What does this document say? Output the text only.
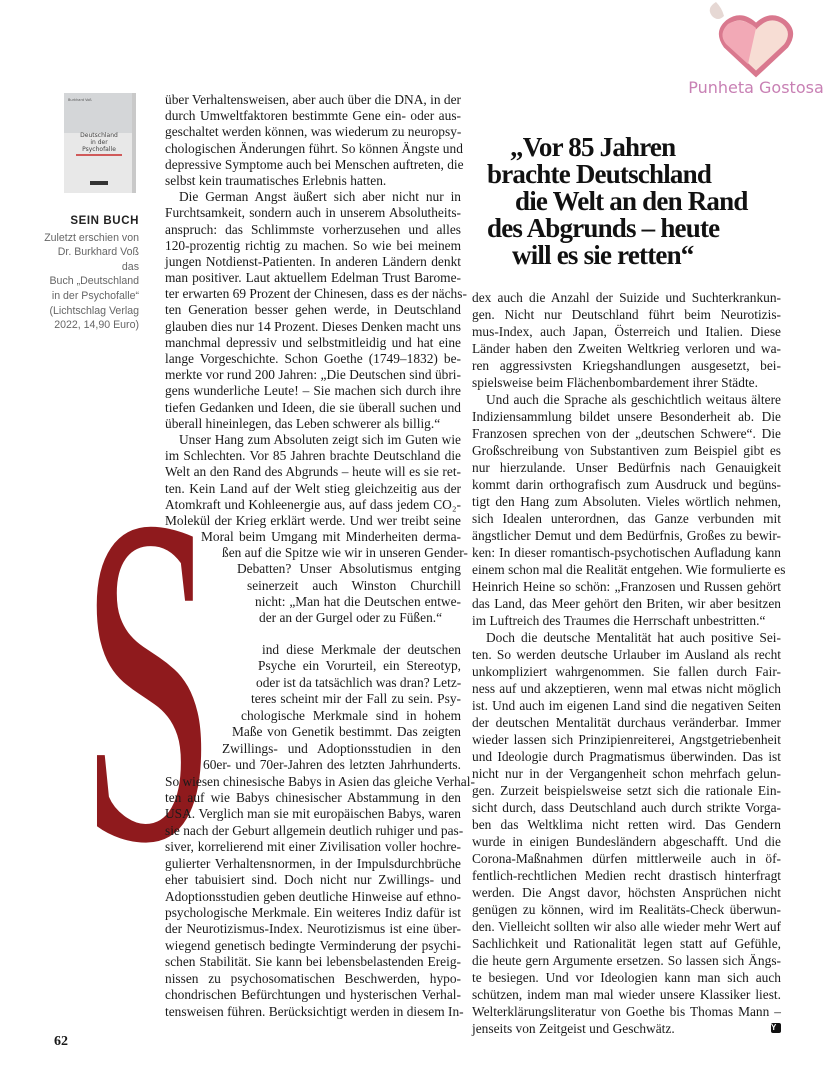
Punheta Gostosa
Burkhard Voß
Deutschland
in der
Psychofalle
SEIN BUCH
Zuletzt erschien von
Dr. Burkhard Voß das
Buch „Deutschland
in der Psychofalle“
(Lichtschlag Verlag
2022, 14,90 Euro)
„Vor 85 Jahren
brachte Deutschland
die Welt an den Rand
des Abgrunds – heute
will es sie retten“
S
über Verhaltensweisen, aber auch über die DNA, in der
durch Umweltfaktoren bestimmte Gene ein- oder aus-
geschaltet werden können, was wiederum zu neuropsy-
chologischen Änderungen führt. So können Ängste und
depressive Symptome auch bei Menschen auftreten, die
selbst kein traumatisches Erlebnis hatten.
Die German Angst äußert sich aber nicht nur in
Furchtsamkeit, sondern auch in unserem Absolutheits-
anspruch: das Schlimmste vorherzusehen und alles
120-prozentig richtig zu machen. So wie bei meinem
jungen Notdienst-Patienten. In anderen Ländern denkt
man positiver. Laut aktuellem Edelman Trust Barome-
ter erwarten 69 Prozent der Chinesen, dass es der nächs-
ten Generation besser gehen werde, in Deutschland
glauben dies nur 14 Prozent. Dieses Denken macht uns
manchmal depressiv und selbstmitleidig und hat eine
lange Vorgeschichte. Schon Goethe (1749–1832) be-
merkte vor rund 200 Jahren: „Die Deutschen sind übri-
gens wunderliche Leute! – Sie machen sich durch ihre
tiefen Gedanken und Ideen, die sie überall suchen und
überall hineinlegen, das Leben schwerer als billig.“
Unser Hang zum Absoluten zeigt sich im Guten wie
im Schlechten. Vor 85 Jahren brachte Deutschland die
Welt an den Rand des Abgrunds – heute will es sie ret-
ten. Kein Land auf der Welt stieg gleichzeitig aus der
Atomkraft und Kohleenergie aus, auf dass jedem CO₂-
Molekül der Krieg erklärt werde. Und wer treibt seine
Moral beim Umgang mit Minderheiten derma-
ßen auf die Spitze wie wir in unseren Gender-
Debatten? Unser Absolutismus entging
seinerzeit auch Winston Churchill
nicht: „Man hat die Deutschen entwe-
der an der Gurgel oder zu Füßen.“
ind diese Merkmale der deutschen
Psyche ein Vorurteil, ein Stereotyp,
oder ist da tatsächlich was dran? Letz-
teres scheint mir der Fall zu sein. Psy-
chologische Merkmale sind in hohem
Maße von Genetik bestimmt. Das zeigten
Zwillings- und Adoptionsstudien in den
60er- und 70er-Jahren des letzten Jahrhunderts.
So wiesen chinesische Babys in Asien das gleiche Verhal-
ten auf wie Babys chinesischer Abstammung in den
USA. Verglich man sie mit europäischen Babys, waren
sie nach der Geburt allgemein deutlich ruhiger und pas-
siver, korrelierend mit einer Zivilisation voller hochre-
gulierter Verhaltensnormen, in der Impulsdurchbrüche
eher tabuisiert sind. Doch nicht nur Zwillings- und
Adoptionsstudien geben deutliche Hinweise auf ethno-
psychologische Merkmale. Ein weiteres Indiz dafür ist
der Neurotizismus-Index. Neurotizismus ist eine über-
wiegend genetisch bedingte Verminderung der psychi-
schen Stabilität. Sie kann bei lebensbelastenden Ereig-
nissen zu psychosomatischen Beschwerden, hypo-
chondrischen Befürchtungen und hysterischen Verhal-
tensweisen führen. Berücksichtigt werden in diesem In-
dex auch die Anzahl der Suizide und Suchterkrankun-
gen. Nicht nur Deutschland führt beim Neurotizis-
mus-Index, auch Japan, Österreich und Italien. Diese
Länder haben den Zweiten Weltkrieg verloren und wa-
ren aggressivsten Kriegshandlungen ausgesetzt, bei-
spielsweise beim Flächenbombardement ihrer Städte.
Und auch die Sprache als geschichtlich weitaus ältere
Indiziensammlung bildet unsere Besonderheit ab. Die
Franzosen sprechen von der „deutschen Schwere“. Die
Großschreibung von Substantiven zum Beispiel gibt es
nur hierzulande. Unser Bedürfnis nach Genauigkeit
kommt darin orthografisch zum Ausdruck und begüns-
tigt den Hang zum Absoluten. Vieles wörtlich nehmen,
sich Idealen unterordnen, das Ganze verbunden mit
ängstlicher Demut und dem Bedürfnis, Großes zu bewir-
ken: In dieser romantisch-psychotischen Aufladung kann
einem schon mal die Realität entgehen. Wie formulierte es
Heinrich Heine so schön: „Franzosen und Russen gehört
das Land, das Meer gehört den Briten, wir aber besitzen
im Luftreich des Traumes die Herrschaft unbestritten.“
Doch die deutsche Mentalität hat auch positive Sei-
ten. So werden deutsche Urlauber im Ausland als recht
unkompliziert wahrgenommen. Sie fallen durch Fair-
ness auf und akzeptieren, wenn mal etwas nicht möglich
ist. Und auch im eigenen Land sind die negativen Seiten
der deutschen Mentalität durchaus veränderbar. Immer
wieder lassen sich Prinzipienreiterei, Angstgetriebenheit
und Ideologie durch Pragmatismus überwinden. Das ist
nicht nur in der Vergangenheit schon mehrfach gelun-
gen. Zurzeit beispielsweise setzt sich die rationale Ein-
sicht durch, dass Deutschland auch durch strikte Vorga-
ben das Weltklima nicht retten wird. Das Gendern
wurde in einigen Bundesländern abgeschafft. Und die
Corona-Maßnahmen dürfen mittlerweile auch in öf-
fentlich-rechtlichen Medien recht drastisch hinterfragt
werden. Die Angst davor, höchsten Ansprüchen nicht
genügen zu können, wird im Realitäts-Check überwun-
den. Vielleicht sollten wir also alle wieder mehr Wert auf
Sachlichkeit und Rationalität legen statt auf Gefühle,
die heute gern Argumente ersetzen. So lassen sich Ängs-
te besiegen. Und vor Ideologien kann man sich auch
schützen, indem man mal wieder unsere Klassiker liest.
Welterklärungsliteratur von Goethe bis Thomas Mann –
jenseits von Zeitgeist und Geschwätz.	Y
62
